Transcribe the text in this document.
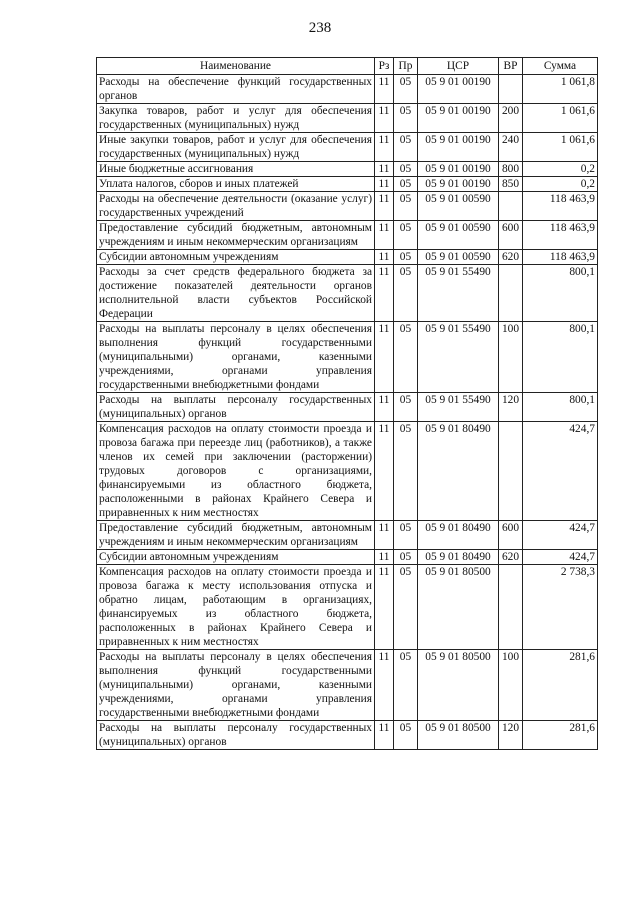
238
Наименование	Рз	Пр	ЦСР	ВР	Сумма
Расходы на обеспечение функций государственных органов	11	05	05 9 01 00190		1 061,8
Закупка товаров, работ и услуг для обеспечения государственных (муниципальных) нужд	11	05	05 9 01 00190	200	1 061,6
Иные закупки товаров, работ и услуг для обеспечения государственных (муниципальных) нужд	11	05	05 9 01 00190	240	1 061,6
Иные бюджетные ассигнования	11	05	05 9 01 00190	800	0,2
Уплата налогов, сборов и иных платежей	11	05	05 9 01 00190	850	0,2
Расходы на обеспечение деятельности (оказание услуг) государственных учреждений	11	05	05 9 01 00590		118 463,9
Предоставление субсидий бюджетным, автономным учреждениям и иным некоммерческим организациям	11	05	05 9 01 00590	600	118 463,9
Субсидии автономным учреждениям	11	05	05 9 01 00590	620	118 463,9
Расходы за счет средств федерального бюджета за достижение показателей деятельности органов исполнительной власти субъектов Российской Федерации	11	05	05 9 01 55490		800,1
Расходы на выплаты персоналу в целях обеспечения выполнения функций государственными (муниципальными) органами, казенными учреждениями, органами управления государственными внебюджетными фондами	11	05	05 9 01 55490	100	800,1
Расходы на выплаты персоналу государственных (муниципальных) органов	11	05	05 9 01 55490	120	800,1
Компенсация расходов на оплату стоимости проезда и провоза багажа при переезде лиц (работников), а также членов их семей при заключении (расторжении) трудовых договоров с организациями, финансируемыми из областного бюджета, расположенными в районах Крайнего Севера и приравненных к ним местностях	11	05	05 9 01 80490		424,7
Предоставление субсидий бюджетным, автономным учреждениям и иным некоммерческим организациям	11	05	05 9 01 80490	600	424,7
Субсидии автономным учреждениям	11	05	05 9 01 80490	620	424,7
Компенсация расходов на оплату стоимости проезда и провоза багажа к месту использования отпуска и обратно лицам, работающим в организациях, финансируемых из областного бюджета, расположенных в районах Крайнего Севера и приравненных к ним местностях	11	05	05 9 01 80500		2 738,3
Расходы на выплаты персоналу в целях обеспечения выполнения функций государственными (муниципальными) органами, казенными учреждениями, органами управления государственными внебюджетными фондами	11	05	05 9 01 80500	100	281,6
Расходы на выплаты персоналу государственных (муниципальных) органов	11	05	05 9 01 80500	120	281,6
